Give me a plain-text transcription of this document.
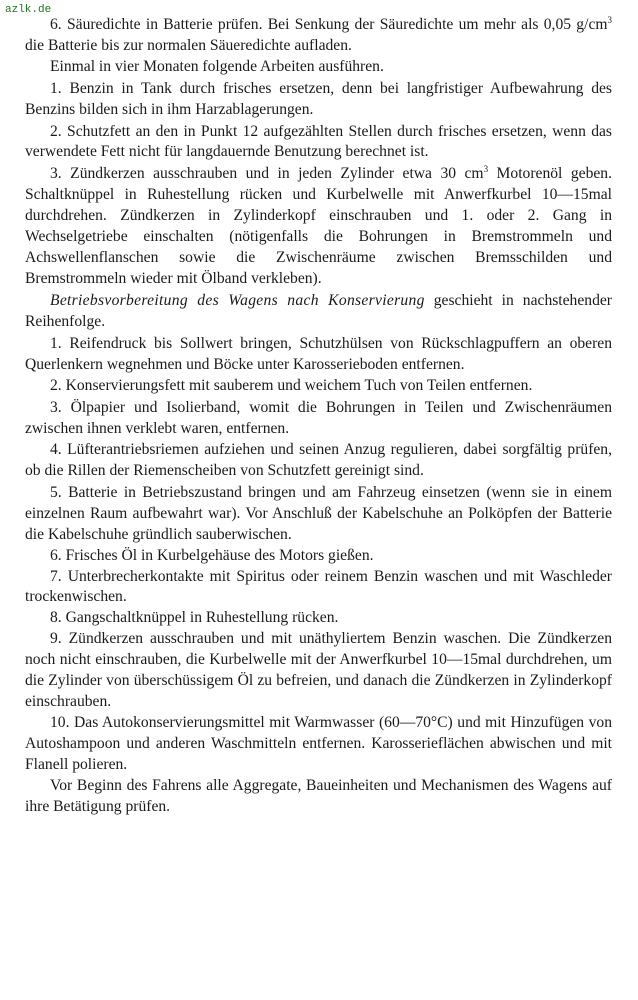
azlk.de

6. Säuredichte in Batterie prüfen. Bei Senkung der Säuredichte um mehr als 0,05 $g/cm^3$ die Batterie bis zur normalen Säueredichte aufladen.

Einmal in vier Monaten folgende Arbeiten ausführen.

1. Benzin in Tank durch frisches ersetzen, denn bei langfristiger Aufbewahrung des Benzins bilden sich in ihm Harzablagerungen.

2. Schutzfett an den in Punkt 12 aufgezählten Stellen durch frisches ersetzen, wenn das verwendete Fett nicht für langdauernde Benutzung berechnet ist.

3. Zündkerzen ausschrauben und in jeden Zylinder etwa 30 $cm^3$ Motorenöl geben. Schaltknüppel in Ruhestellung rücken und Kurbelwelle mit Anwerfkurbel 10—15mal durchdrehen. Zündkerzen in Zylinderkopf einschrauben und 1. oder 2. Gang in Wechselgetriebe einschalten (nötigenfalls die Bohrungen in Bremstrommeln und Achswellenflanschen sowie die Zwischenräume zwischen Bremsschilden und Bremstrommeln wieder mit Ölband verkleben).

Betriebsvorbereitung des Wagens nach Konservierung geschieht in nachstehender Reihenfolge.

1. Reifendruck bis Sollwert bringen, Schutzhülsen von Rückschlagpuffern an oberen Querlenkern wegnehmen und Böcke unter Karosserieboden entfernen.

2. Konservierungsfett mit sauberem und weichem Tuch von Teilen entfernen.

3. Ölpapier und Isolierband, womit die Bohrungen in Teilen und Zwischenräumen zwischen ihnen verklebt waren, entfernen.

4. Lüfterantriebsriemen aufziehen und seinen Anzug regulieren, dabei sorgfältig prüfen, ob die Rillen der Riemenscheiben von Schutzfett gereinigt sind.

5. Batterie in Betriebszustand bringen und am Fahrzeug einsetzen (wenn sie in einem einzelnen Raum aufbewahrt war). Vor Anschluß der Kabelschuhe an Polköpfen der Batterie die Kabelschuhe gründlich sauberwischen.

6. Frisches Öl in Kurbelgehäuse des Motors gießen.

7. Unterbrecherkontakte mit Spiritus oder reinem Benzin waschen und mit Waschleder trockenwischen.

8. Gangschaltknüppel in Ruhestellung rücken.

9. Zündkerzen ausschrauben und mit unäthyliertem Benzin waschen. Die Zündkerzen noch nicht einschrauben, die Kurbelwelle mit der Anwerfkurbel 10—15mal durchdrehen, um die Zylinder von überschüssigem Öl zu befreien, und danach die Zündkerzen in Zylinderkopf einschrauben.

10. Das Autokonservierungsmittel mit Warmwasser (60—70°C) und mit Hinzufügen von Autoshampoon und anderen Waschmitteln entfernen. Karosserieflächen abwischen und mit Flanell polieren.

Vor Beginn des Fahrens alle Aggregate, Baueinheiten und Mechanismen des Wagens auf ihre Betätigung prüfen.
